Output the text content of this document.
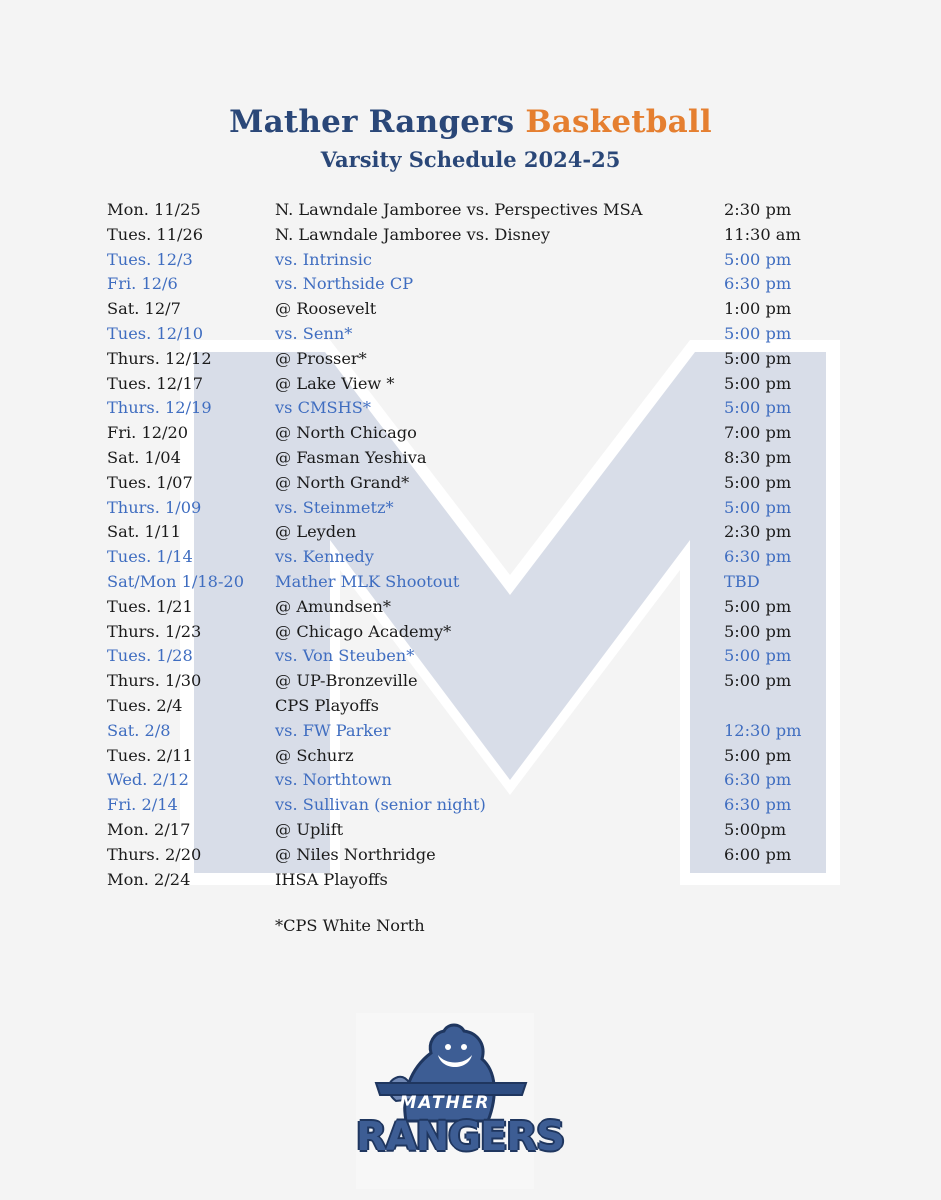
Mather Rangers Basketball
Varsity Schedule 2024-25
Mon. 11/25	N. Lawndale Jamboree vs. Perspectives MSA	2:30 pm
Tues. 11/26	N. Lawndale Jamboree vs. Disney	11:30 am
Tues. 12/3	vs. Intrinsic	5:00 pm
Fri. 12/6	vs. Northside CP	6:30 pm
Sat. 12/7	@ Roosevelt	1:00 pm
Tues. 12/10	vs. Senn*	5:00 pm
Thurs. 12/12	@ Prosser*	5:00 pm
Tues. 12/17	@ Lake View *	5:00 pm
Thurs. 12/19	vs CMSHS*	5:00 pm
Fri. 12/20	@ North Chicago	7:00 pm
Sat. 1/04	@ Fasman Yeshiva	8:30 pm
Tues. 1/07	@ North Grand*	5:00 pm
Thurs. 1/09	vs. Steinmetz*	5:00 pm
Sat. 1/11	@ Leyden	2:30 pm
Tues. 1/14	vs. Kennedy	6:30 pm
Sat/Mon 1/18-20 Mather MLK Shootout	TBD
Tues. 1/21	@ Amundsen*	5:00 pm
Thurs. 1/23	@ Chicago Academy*	5:00 pm
Tues. 1/28	vs. Von Steuben*	5:00 pm
Thurs. 1/30	@ UP-Bronzeville	5:00 pm
Tues. 2/4	CPS Playoffs
Sat. 2/8	vs. FW Parker	12:30 pm
Tues. 2/11	@ Schurz	5:00 pm
Wed. 2/12	vs. Northtown	6:30 pm
Fri. 2/14	vs. Sullivan (senior night)	6:30 pm
Mon. 2/17	@ Uplift	5:00pm
Thurs. 2/20	@ Niles Northridge	6:00 pm
Mon. 2/24	IHSA Playoffs
*CPS White North
MATHER
RANGERS
